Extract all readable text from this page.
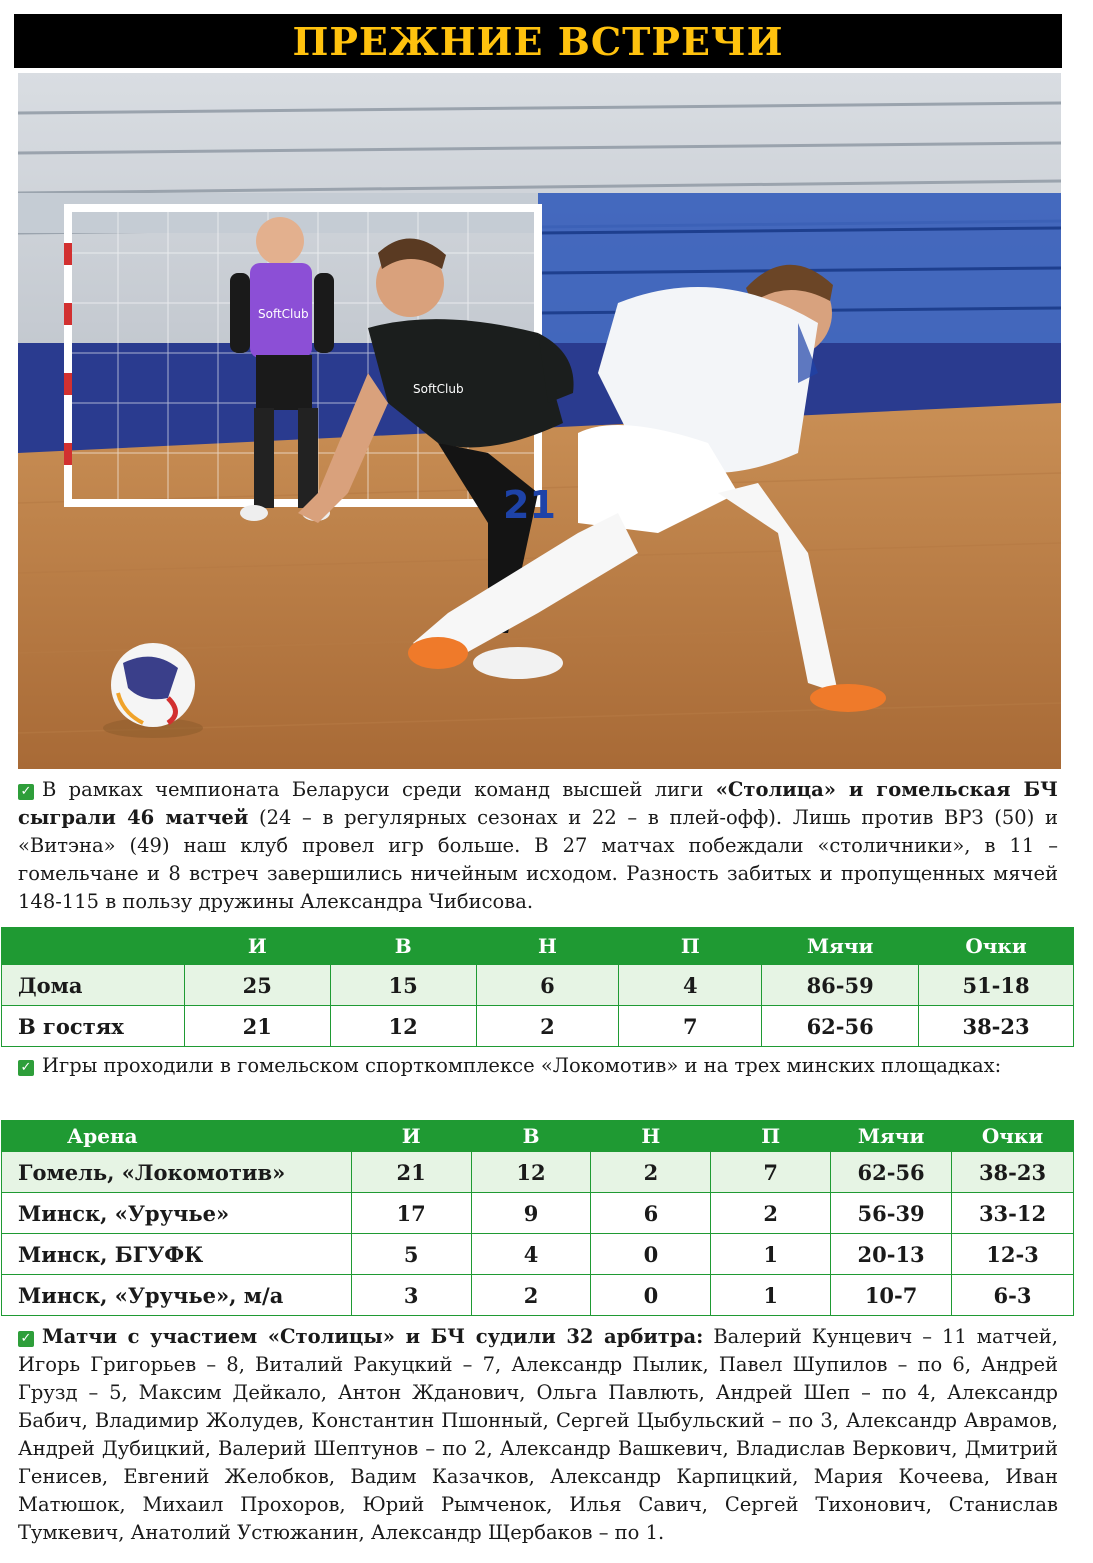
ПРЕЖНИЕ ВСТРЕЧИ
SoftClub
SoftClub
21
✓ В рамках чемпионата Беларуси среди команд высшей лиги «Столица» и гомельская БЧ сыграли 46 матчей (24 – в регулярных сезонах и 22 – в плей-офф). Лишь против ВРЗ (50) и «Витэна» (49) наш клуб провел игр больше. В 27 матчах побеждали «столичники», в 11 – гомельчане и 8 встреч завершились ничейным исходом. Разность забитых и пропущенных мячей 148-115 в пользу дружины Александра Чибисова.
	И	В	Н	П	Мячи	Очки
Дома	25	15	6	4	86-59	51-18
В гостях	21	12	2	7	62-56	38-23
✓ Игры проходили в гомельском спорткомплексе «Локомотив» и на трех минских площадках:
Арена	И	В	Н	П	Мячи	Очки
Гомель, «Локомотив»	21	12	2	7	62-56	38-23
Минск, «Уручье»	17	9	6	2	56-39	33-12
Минск, БГУФК	5	4	0	1	20-13	12-3
Минск, «Уручье», м/а	3	2	0	1	10-7	6-3
✓ Матчи с участием «Столицы» и БЧ судили 32 арбитра: Валерий Кунцевич – 11 матчей, Игорь Григорьев – 8, Виталий Ракуцкий – 7, Александр Пылик, Павел Шупилов – по 6, Андрей Грузд – 5, Максим Дейкало, Антон Жданович, Ольга Павлють, Андрей Шеп – по 4, Александр Бабич, Владимир Жолудев, Константин Пшонный, Сергей Цыбульский – по 3, Александр Аврамов, Андрей Дубицкий, Валерий Шептунов – по 2, Александр Вашкевич, Владислав Веркович, Дмитрий Генисев, Евгений Желобков, Вадим Казачков, Александр Карпицкий, Мария Кочеева, Иван Матюшок, Михаил Прохоров, Юрий Рымченок, Илья Савич, Сергей Тихонович, Станислав Тумкевич, Анатолий Устюжанин, Александр Щербаков – по 1.
